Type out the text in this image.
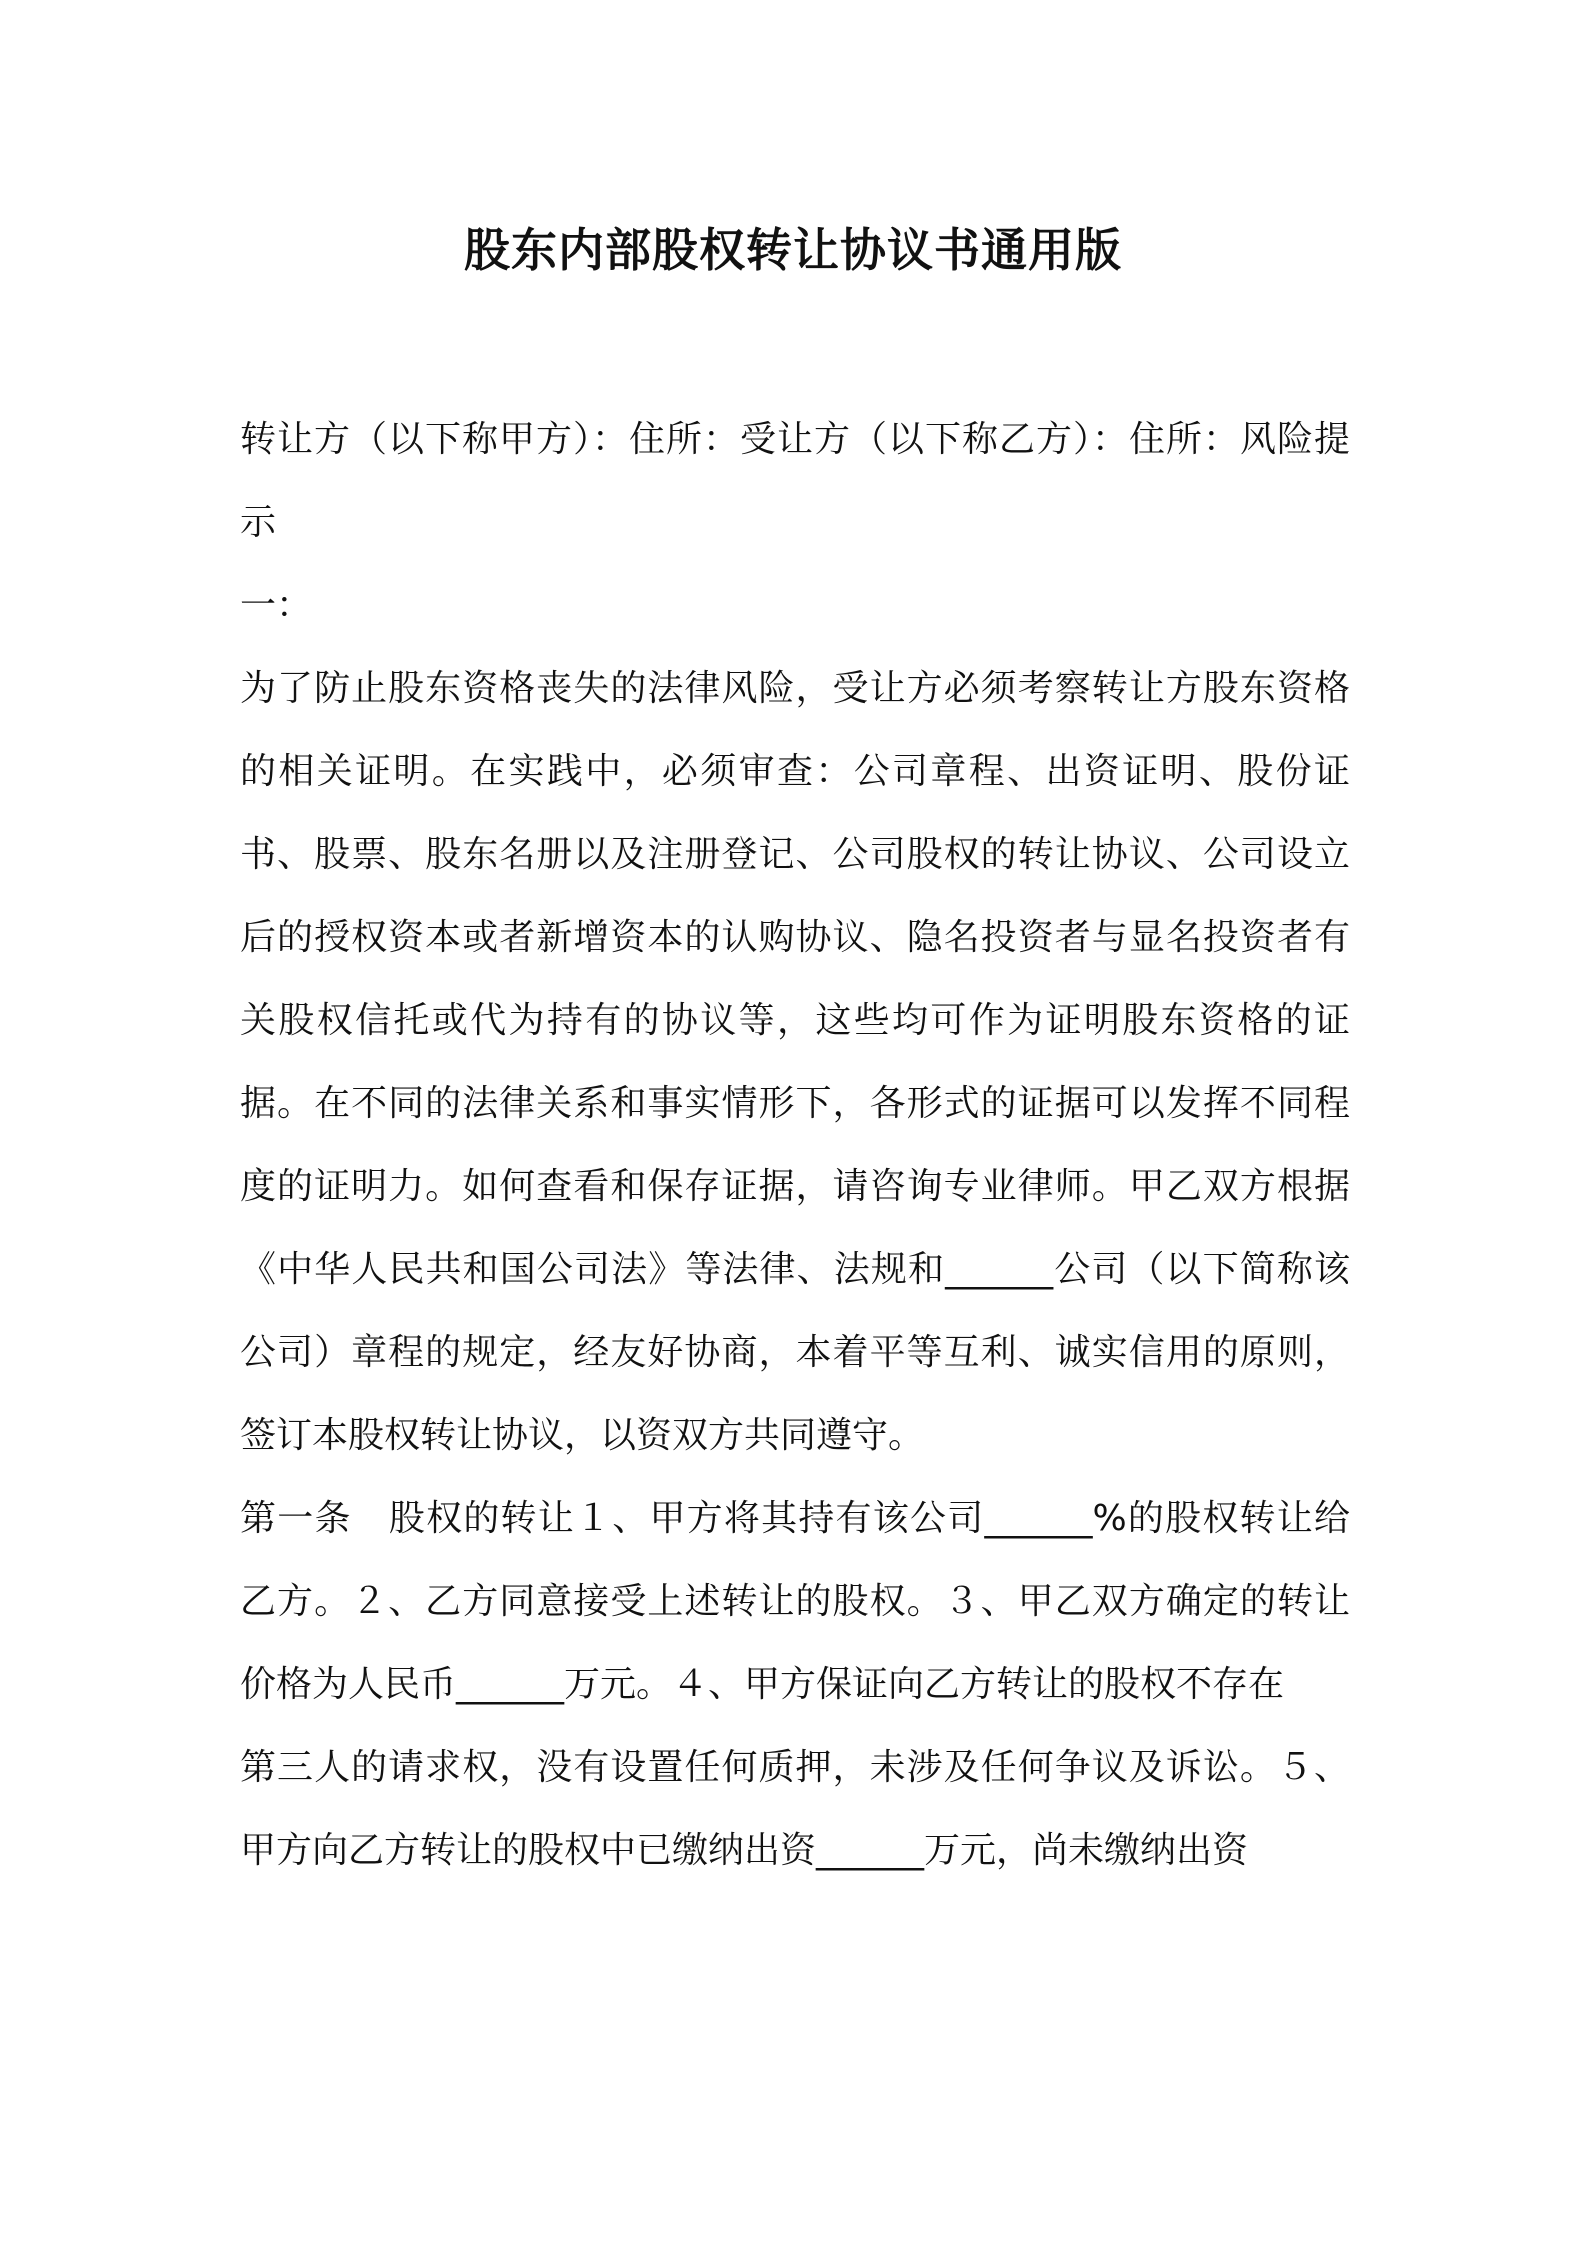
股东内部股权转让协议书通用版

转让方（以下称甲方）：住所：受让方（以下称乙方）：住所：风险提示

一：

为了防止股东资格丧失的法律风险，受让方必须考察转让方股东资格的相关证明。在实践中，必须审查：公司章程、出资证明、股份证书、股票、股东名册以及注册登记、公司股权的转让协议、公司设立后的授权资本或者新增资本的认购协议、隐名投资者与显名投资者有关股权信托或代为持有的协议等，这些均可作为证明股东资格的证据。在不同的法律关系和事实情形下，各形式的证据可以发挥不同程度的证明力。如何查看和保存证据，请咨询专业律师。甲乙双方根据《中华人民共和国公司法》等法律、法规和______公司（以下简称该公司）章程的规定，经友好协商，本着平等互利、诚实信用的原则，签订本股权转让协议，以资双方共同遵守。

第一条　股权的转让１、甲方将其持有该公司______%的股权转让给乙方。２、乙方同意接受上述转让的股权。３、甲乙双方确定的转让价格为人民币______万元。４、甲方保证向乙方转让的股权不存在

第三人的请求权，没有设置任何质押，未涉及任何争议及诉讼。５、甲方向乙方转让的股权中已缴纳出资______万元，尚未缴纳出资
